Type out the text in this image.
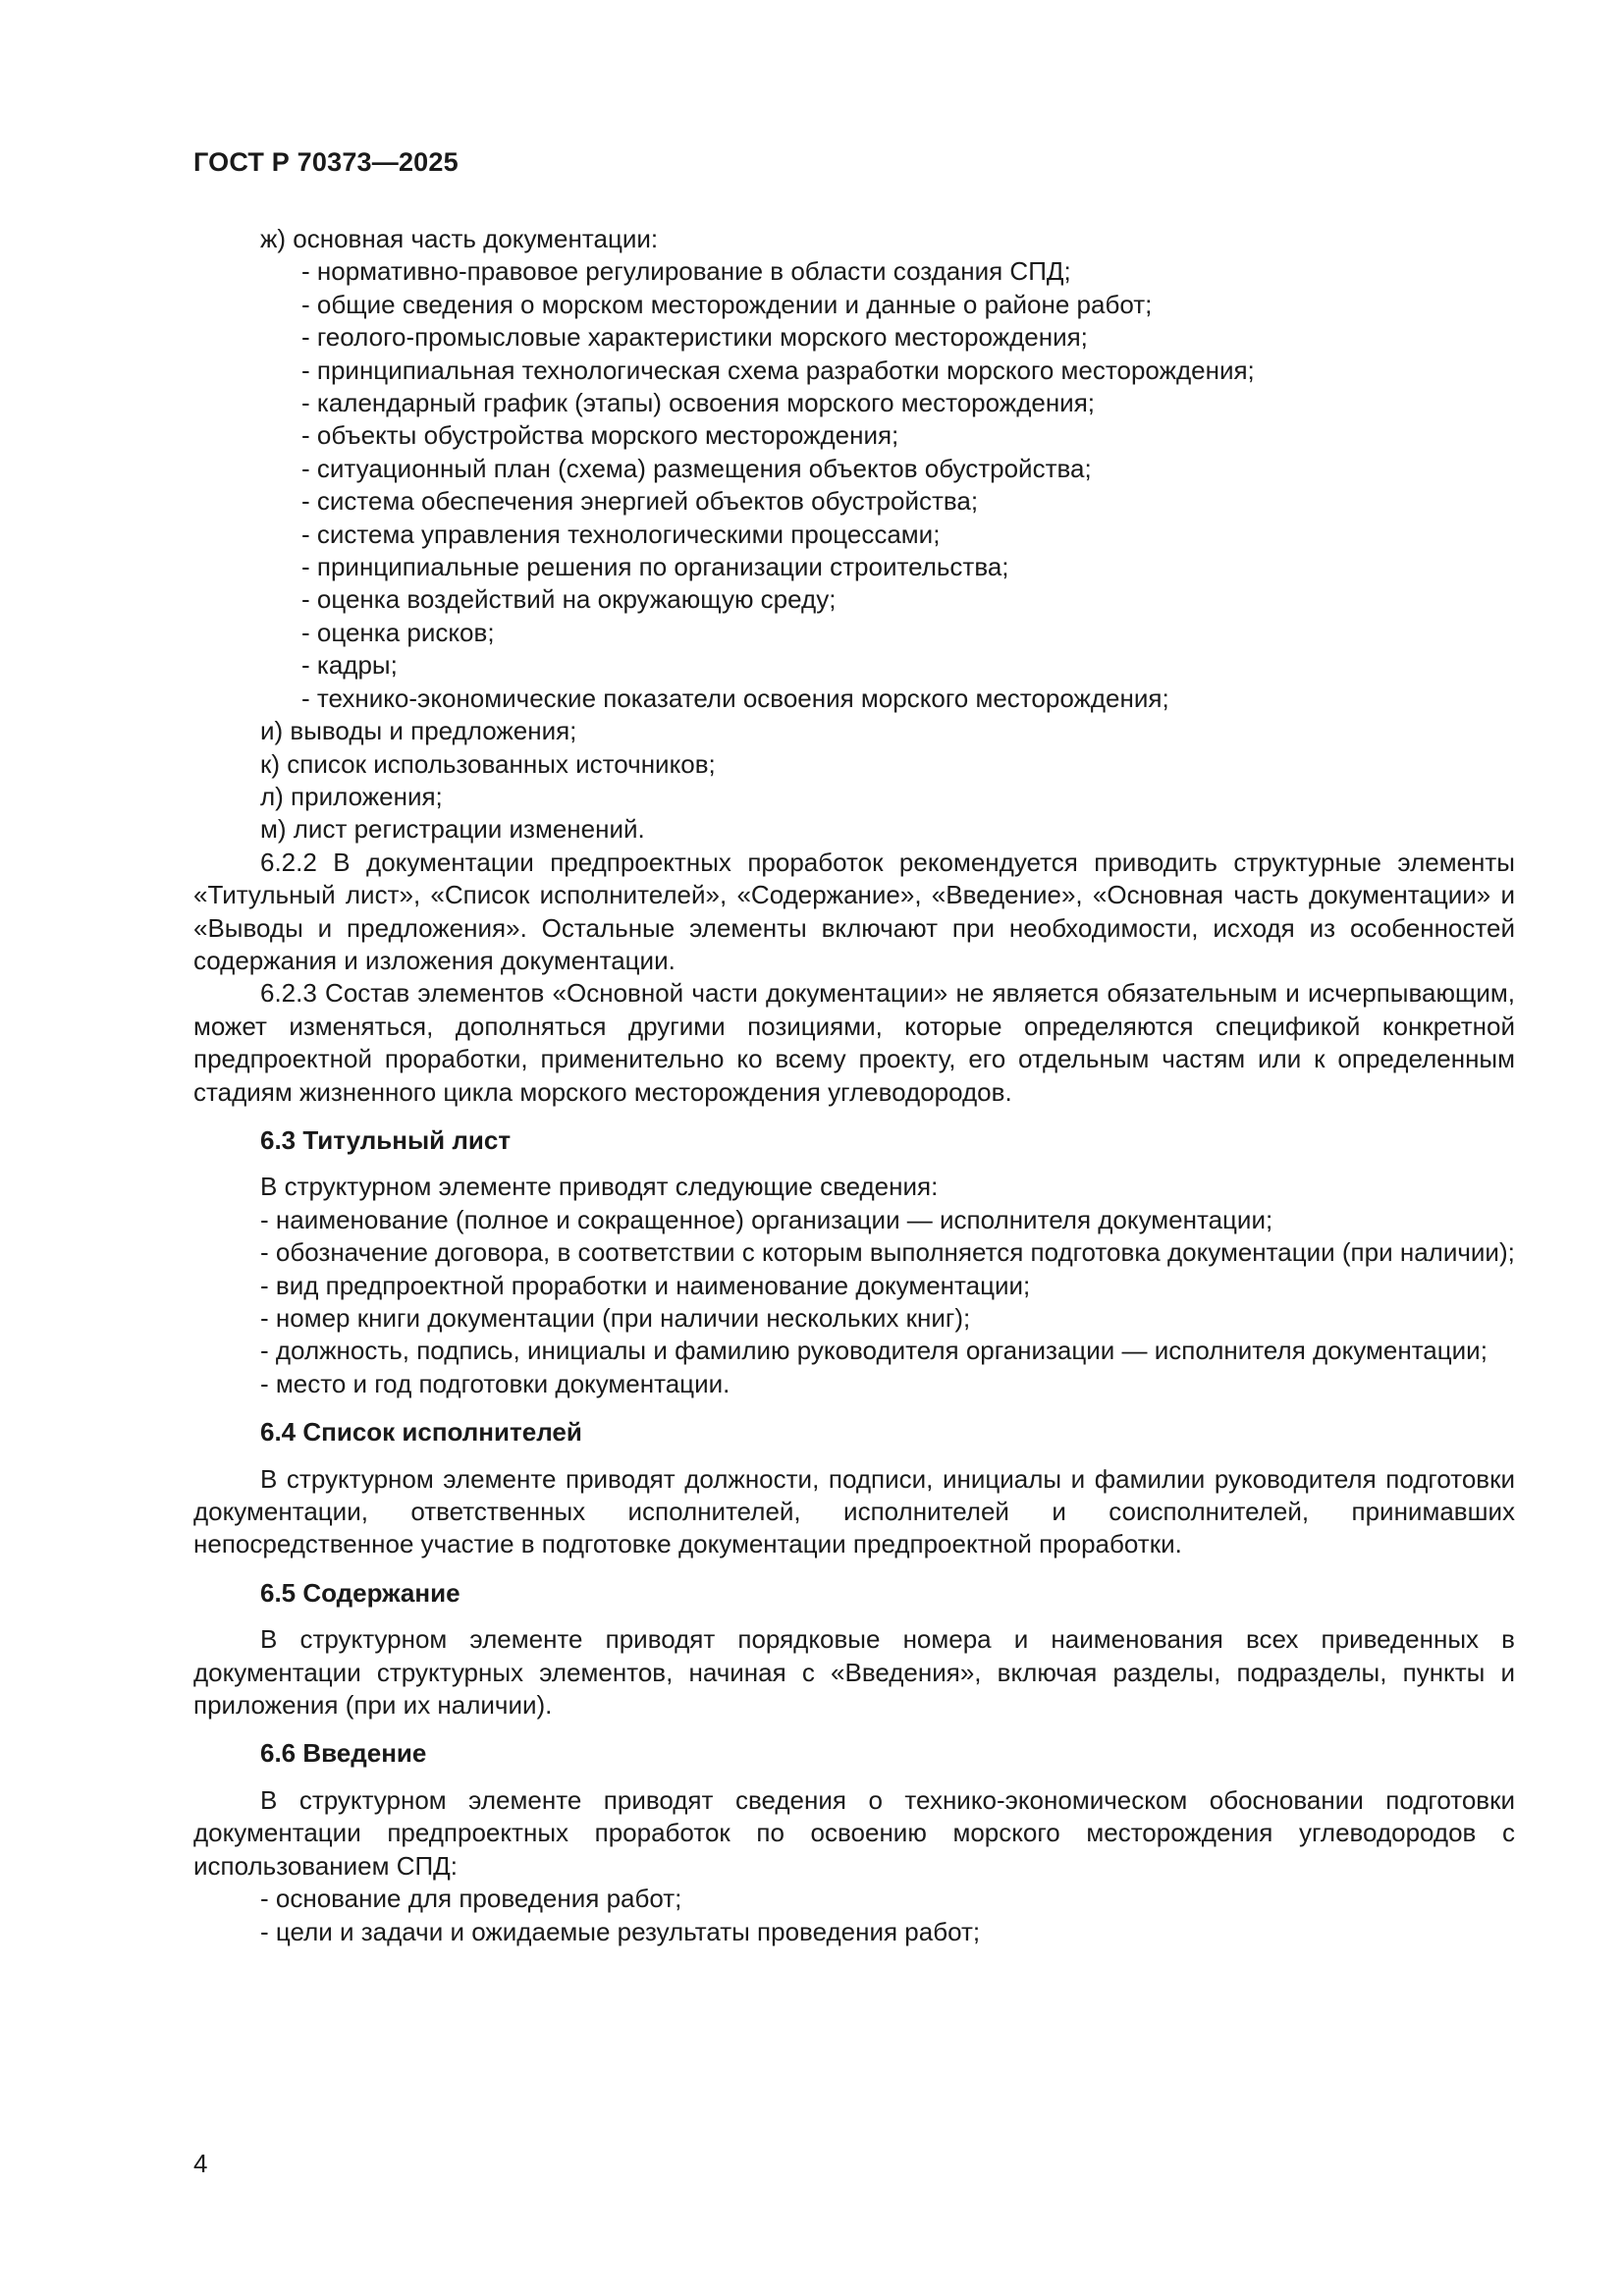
ГОСТ Р 70373—2025

ж) основная часть документации:

- нормативно-правовое регулирование в области создания СПД;

- общие сведения о морском месторождении и данные о районе работ;

- геолого-промысловые характеристики морского месторождения;

- принципиальная технологическая схема разработки морского месторождения;

- календарный график (этапы) освоения морского месторождения;

- объекты обустройства морского месторождения;

- ситуационный план (схема) размещения объектов обустройства;

- система обеспечения энергией объектов обустройства;

- система управления технологическими процессами;

- принципиальные решения по организации строительства;

- оценка воздействий на окружающую среду;

- оценка рисков;

- кадры;

- технико-экономические показатели освоения морского месторождения;

и) выводы и предложения;

к) список использованных источников;

л) приложения;

м) лист регистрации изменений.

6.2.2 В документации предпроектных проработок рекомендуется приводить структурные элементы «Титульный лист», «Список исполнителей», «Содержание», «Введение», «Основная часть документации» и «Выводы и предложения». Остальные элементы включают при необходимости, исходя из особенностей содержания и изложения документации.

6.2.3 Состав элементов «Основной части документации» не является обязательным и исчерпывающим, может изменяться, дополняться другими позициями, которые определяются спецификой конкретной предпроектной проработки, применительно ко всему проекту, его отдельным частям или к определенным стадиям жизненного цикла морского месторождения углеводородов.

6.3 Титульный лист

В структурном элементе приводят следующие сведения:

- наименование (полное и сокращенное) организации — исполнителя документации;

- обозначение договора, в соответствии с которым выполняется подготовка документации (при наличии);

- вид предпроектной проработки и наименование документации;

- номер книги документации (при наличии нескольких книг);

- должность, подпись, инициалы и фамилию руководителя организации — исполнителя документации;

- место и год подготовки документации.

6.4 Список исполнителей

В структурном элементе приводят должности, подписи, инициалы и фамилии руководителя подготовки документации, ответственных исполнителей, исполнителей и соисполнителей, принимавших непосредственное участие в подготовке документации предпроектной проработки.

6.5 Содержание

В структурном элементе приводят порядковые номера и наименования всех приведенных в документации структурных элементов, начиная с «Введения», включая разделы, подразделы, пункты и приложения (при их наличии).

6.6 Введение

В структурном элементе приводят сведения о технико-экономическом обосновании подготовки документации предпроектных проработок по освоению морского месторождения углеводородов с использованием СПД:

- основание для проведения работ;

- цели и задачи и ожидаемые результаты проведения работ;

4
